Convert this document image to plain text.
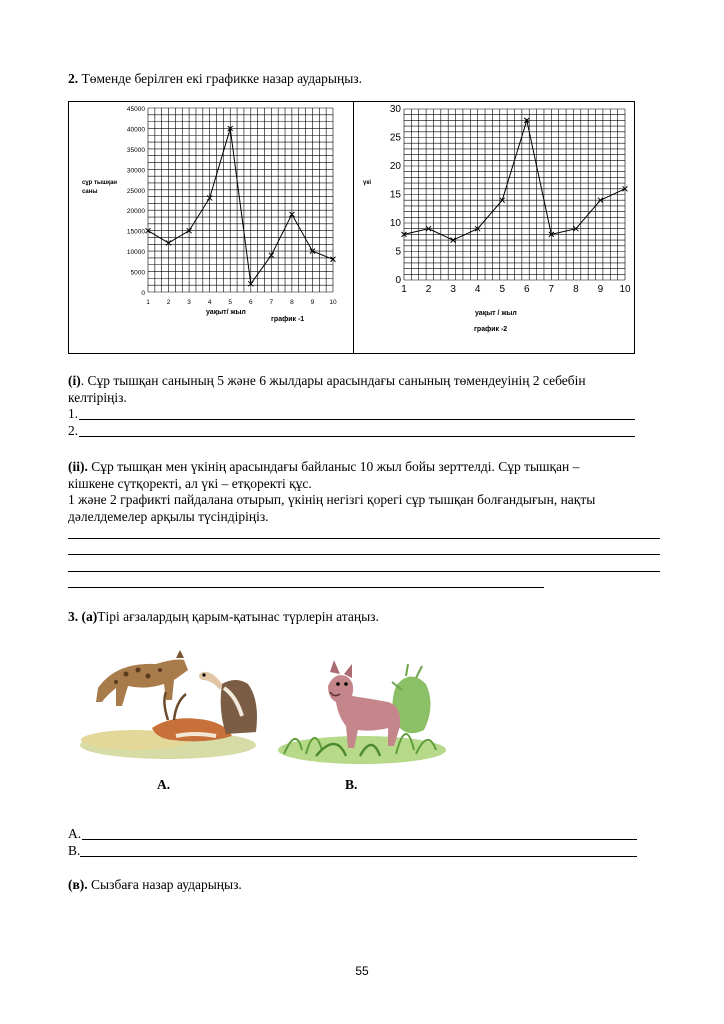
2. Төменде берілген екі графикке назар аударыңыз.
0
5000
10000
15000
20000
25000
30000
35000
40000
45000
1	2	3	4	5	6	7	8	9 10
сұр тышқан
саны
уақыт/ жыл
график -1
0
5
10
15
20
25
30
1 2 3 4 5 6 7 8 9 10
үкі
уақыт / жыл
график -2
(i). Сұр тышқан санының 5 және 6 жылдары арасындағы санының төмендеуінің 2 себебін
келтіріңіз.
1.
2.
(ii). Сұр тышқан мен үкінің арасындағы байланыс 10 жыл бойы зерттелді. Сұр тышқан –
кішкене сүтқоректі, ал үкі – етқоректі құс.
1 және 2 графикті пайдалана отырып, үкінің негізгі қорегі сұр тышқан болғандығын, нақты
дәлелдемелер арқылы түсіндіріңіз.
3. (а)Тірі ағзалардың қарым-қатынас түрлерін атаңыз.
A.	B.
А.
В.
(в). Сызбаға назар аударыңыз.
55
